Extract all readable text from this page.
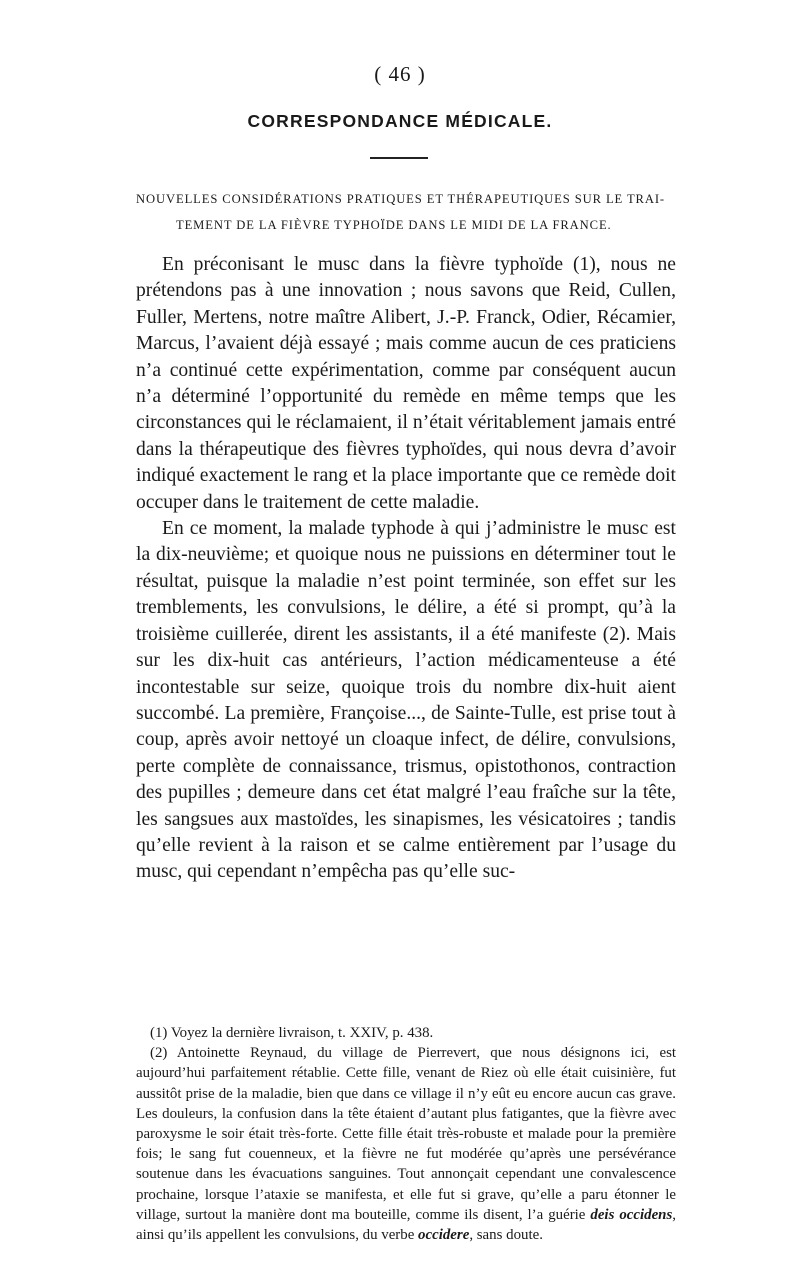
( 46 )
CORRESPONDANCE MÉDICALE.
NOUVELLES CONSIDÉRATIONS PRATIQUES ET THÉRAPEUTIQUES SUR LE TRAI-
TEMENT DE LA FIÈVRE TYPHOÏDE DANS LE MIDI DE LA FRANCE.

En préconisant le musc dans la fièvre typhoïde (1), nous ne prétendons pas à une innovation ; nous savons que Reid, Cullen, Fuller, Mertens, notre maître Alibert, J.-P. Franck, Odier, Récamier, Marcus, l’avaient déjà essayé ; mais comme aucun de ces praticiens n’a continué cette expérimentation, comme par conséquent aucun n’a déterminé l’opportunité du remède en même temps que les circonstances qui le réclamaient, il n’était véritablement jamais entré dans la thérapeutique des fièvres typhoïdes, qui nous devra d’avoir indiqué exactement le rang et la place importante que ce remède doit occuper dans le traitement de cette maladie.

En ce moment, la malade typhode à qui j’administre le musc est la dix-neuvième; et quoique nous ne puissions en déterminer tout le résultat, puisque la maladie n’est point terminée, son effet sur les tremblements, les convulsions, le délire, a été si prompt, qu’à la troisième cuillerée, dirent les assistants, il a été manifeste (2). Mais sur les dix-huit cas antérieurs, l’action médicamenteuse a été incontestable sur seize, quoique trois du nombre dix-huit aient succombé. La première, Françoise..., de Sainte-Tulle, est prise tout à coup, après avoir nettoyé un cloaque infect, de délire, convulsions, perte complète de connaissance, trismus, opistothonos, contraction des pupilles ; demeure dans cet état malgré l’eau fraîche sur la tête, les sangsues aux mastoïdes, les sinapismes, les vésicatoires ; tandis qu’elle revient à la raison et se calme entièrement par l’usage du musc, qui cependant n’empêcha pas qu’elle suc-

(1) Voyez la dernière livraison, t. XXIV, p. 438.

(2) Antoinette Reynaud, du village de Pierrevert, que nous désignons ici, est aujourd’hui parfaitement rétablie. Cette fille, venant de Riez où elle était cuisinière, fut aussitôt prise de la maladie, bien que dans ce village il n’y eût eu encore aucun cas grave. Les douleurs, la confusion dans la tête étaient d’autant plus fatigantes, que la fièvre avec paroxysme le soir était très-forte. Cette fille était très-robuste et malade pour la première fois; le sang fut couenneux, et la fièvre ne fut modérée qu’après une persévérance soutenue dans les évacuations sanguines. Tout annonçait cependant une convalescence prochaine, lorsque l’ataxie se manifesta, et elle fut si grave, qu’elle a paru étonner le village, surtout la manière dont ma bouteille, comme ils disent, l’a guérie deis occidens, ainsi qu’ils appellent les convulsions, du verbe occidere, sans doute.
